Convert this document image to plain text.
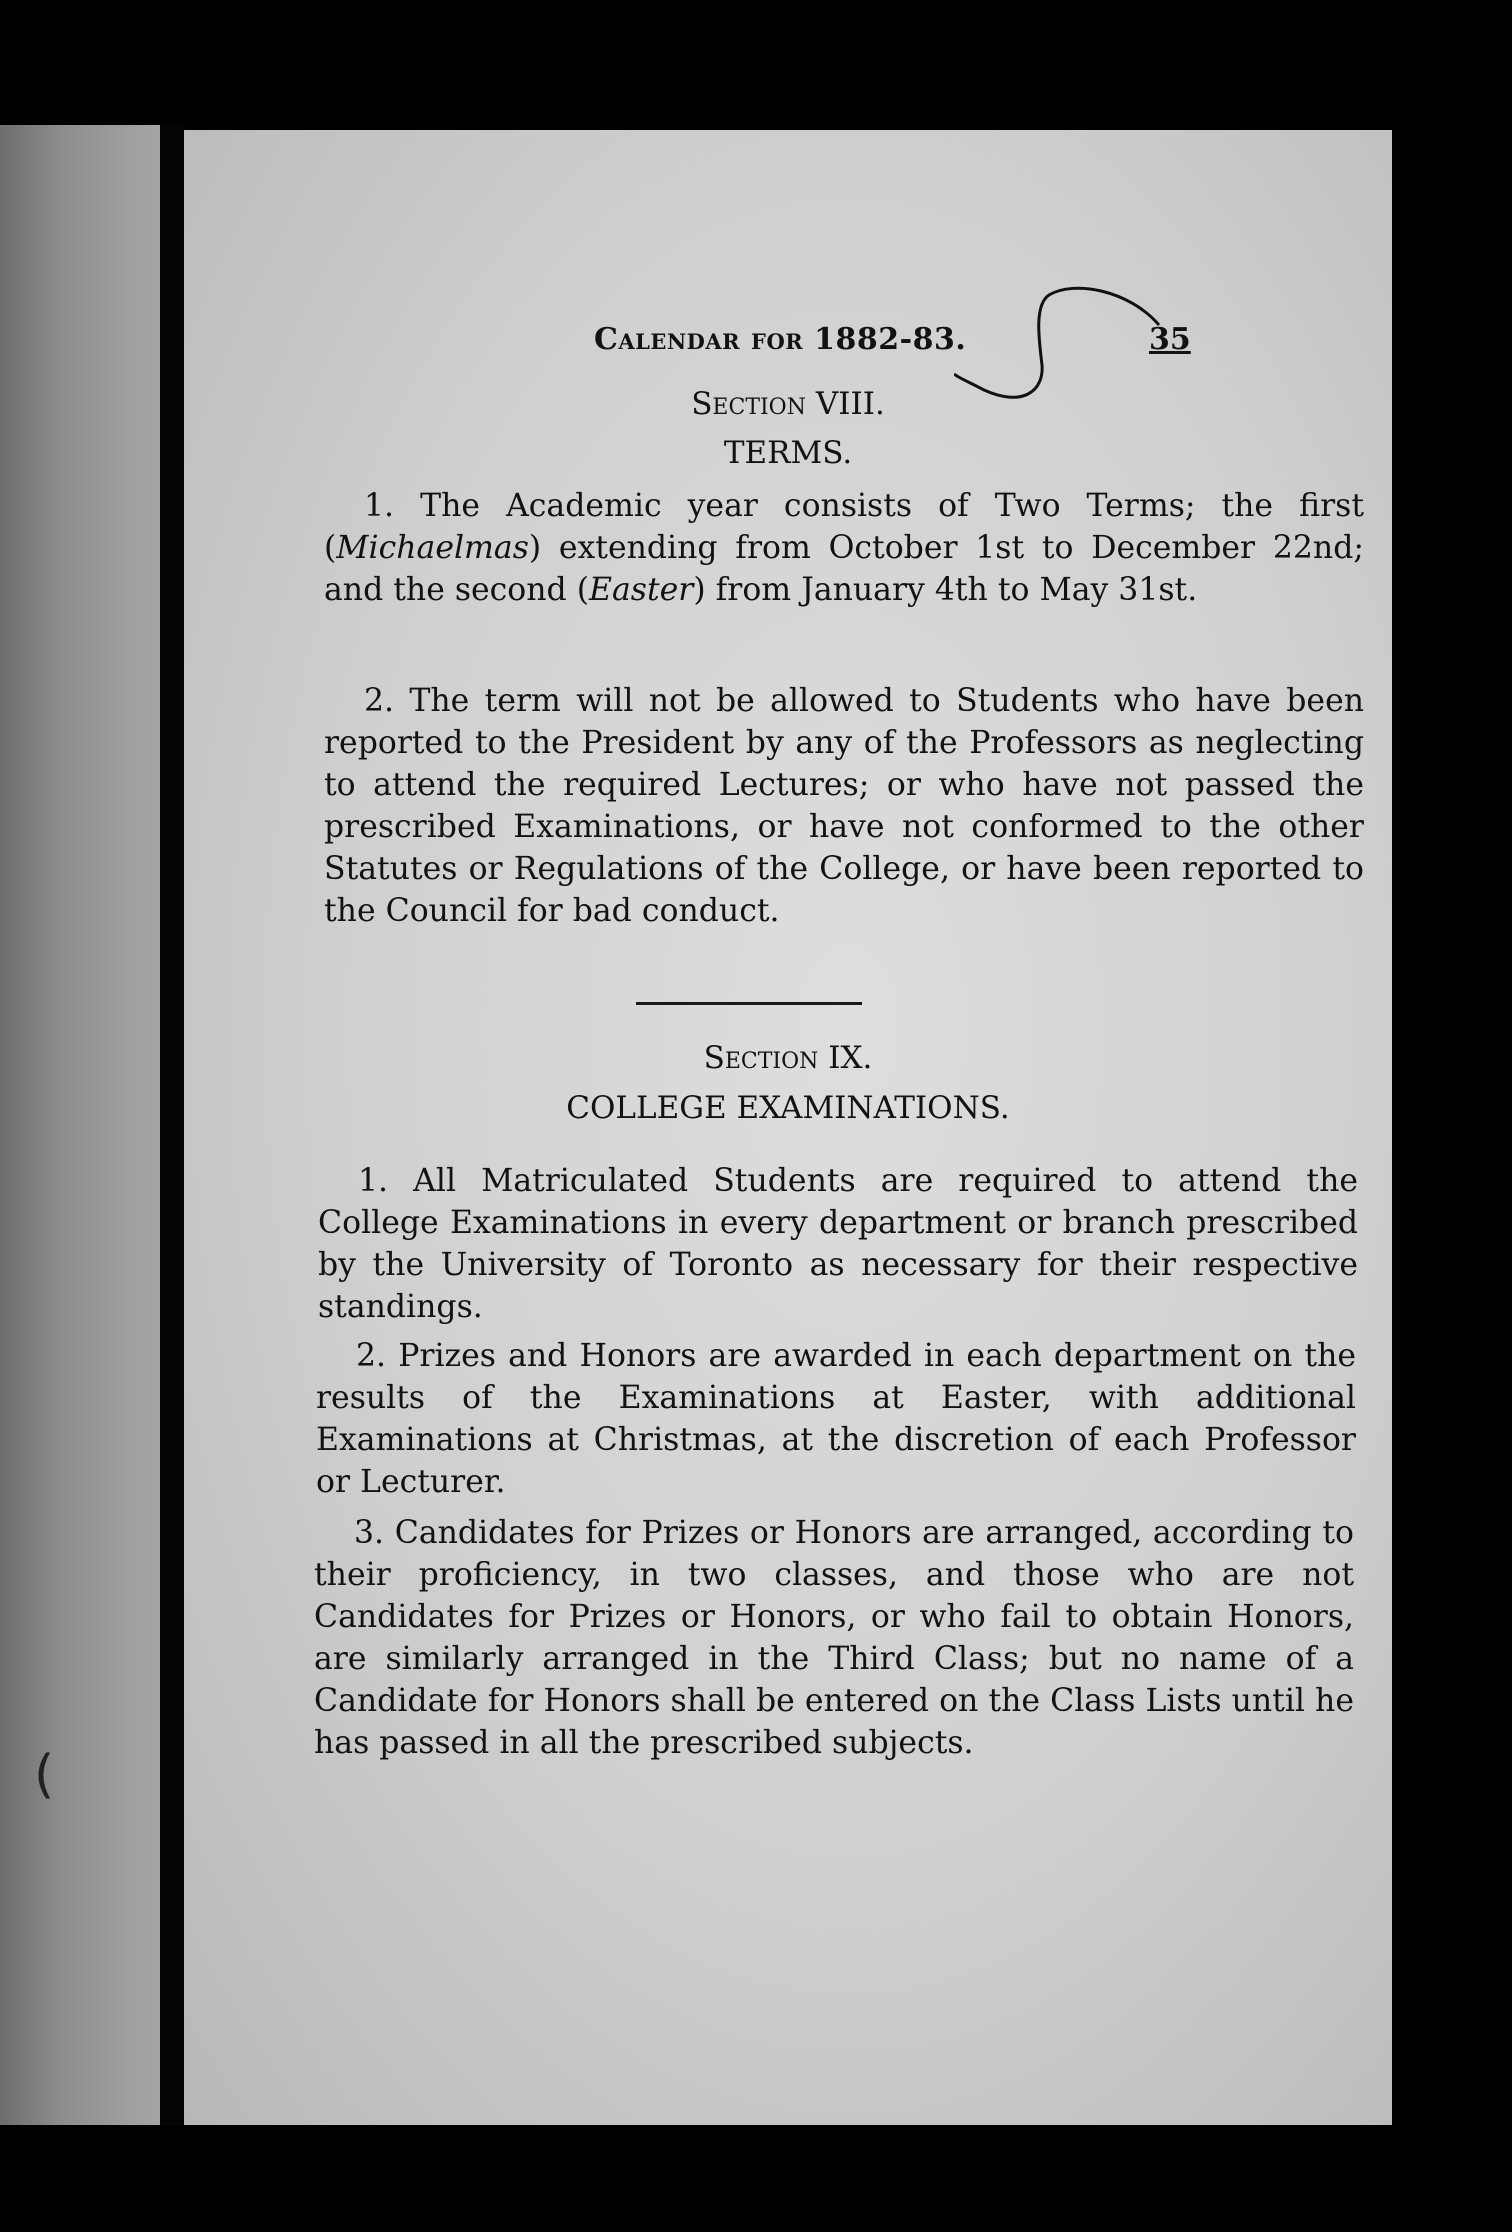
(
Calendar for 1882-83.	35
Section VIII.
TERMS.

1. The Academic year consists of Two Terms; the first (Michaelmas) extending from October 1st to December 22nd; and the second (Easter) from January 4th to May 31st.

2. The term will not be allowed to Students who have been reported to the President by any of the Professors as neglecting to attend the required Lectures; or who have not passed the prescribed Examinations, or have not conformed to the other Statutes or Regulations of the College, or have been reported to the Council for bad conduct.

Section IX.
COLLEGE EXAMINATIONS.

1. All Matriculated Students are required to attend the College Examinations in every department or branch prescribed by the University of Toronto as necessary for their respective standings.

2. Prizes and Honors are awarded in each department on the results of the Examinations at Easter, with additional Examinations at Christmas, at the discretion of each Professor or Lecturer.

3. Candidates for Prizes or Honors are arranged, according to their proficiency, in two classes, and those who are not Candidates for Prizes or Honors, or who fail to obtain Honors, are similarly arranged in the Third Class; but no name of a Candidate for Honors shall be entered on the Class Lists until he has passed in all the prescribed subjects.
